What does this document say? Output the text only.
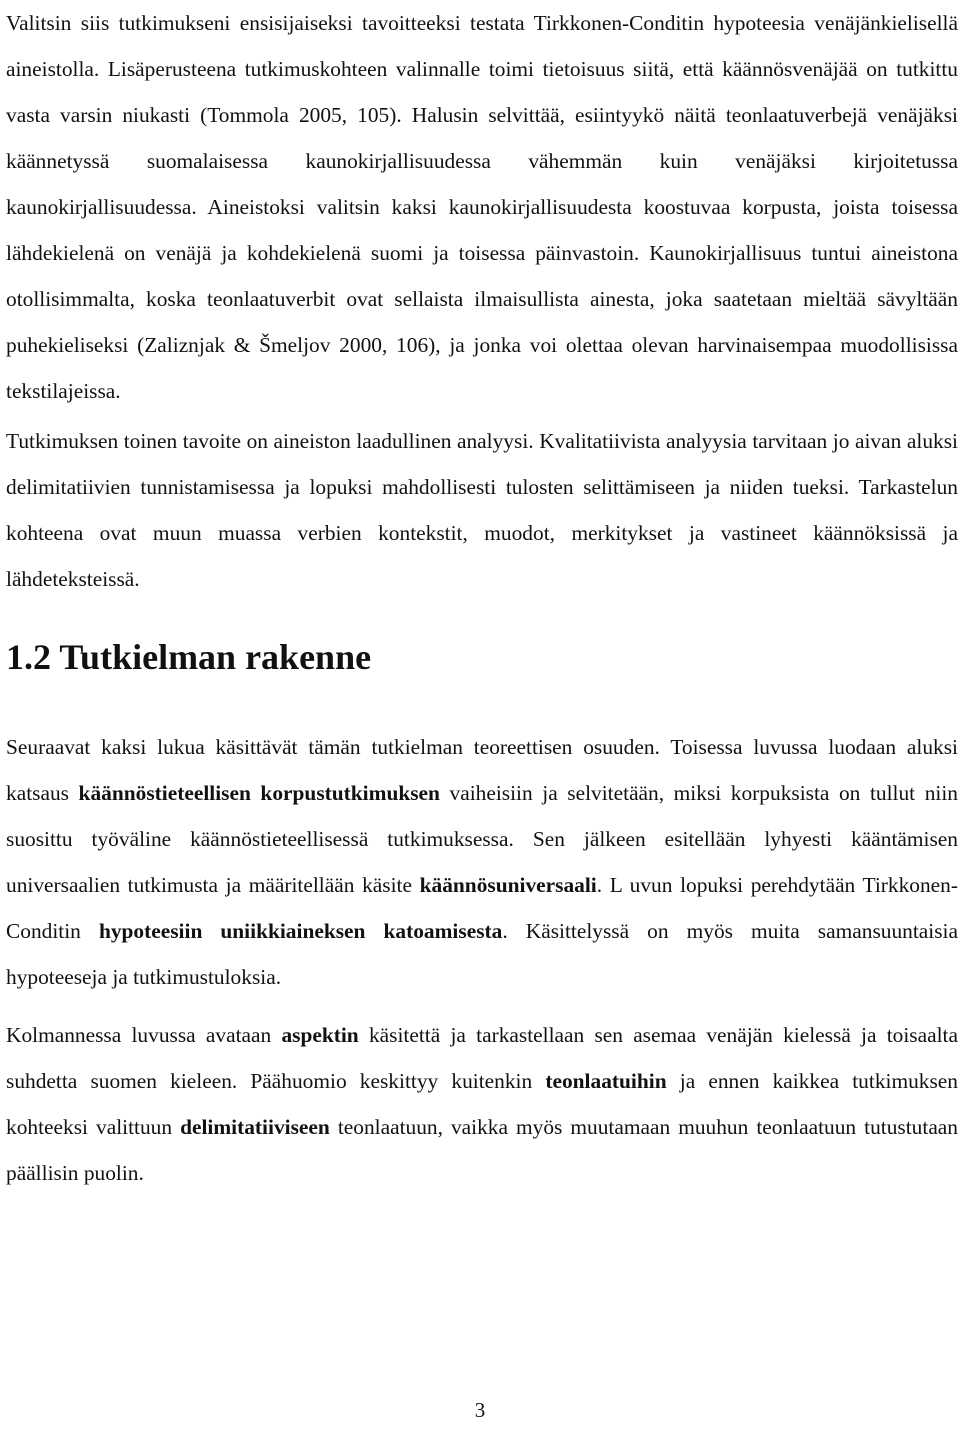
Valitsin siis tutkimukseni ensisijaiseksi tavoitteeksi testata Tirkkonen-Conditin hypoteesia venäjänkielisellä aineistolla. Lisäperusteena tutkimuskohteen valinnalle toimi tietoisuus siitä, että käännösvenäjää on tutkittu vasta varsin niukasti (Tommola 2005, 105). Halusin selvittää, esiintyykö näitä teonlaatuverbejä venäjäksi käännetyssä suomalaisessa kaunokirjallisuudessa vähemmän kuin venäjäksi kirjoitetussa kaunokirjallisuudessa. Aineistoksi valitsin kaksi kaunokirjallisuudesta koostuvaa korpusta, joista toisessa lähdekielenä on venäjä ja kohdekielenä suomi ja toisessa päinvastoin. Kaunokirjallisuus tuntui aineistona otollisimmalta, koska teonlaatuverbit ovat sellaista ilmaisullista ainesta, joka saatetaan mieltää sävyltään puhekieliseksi (Zaliznjak & Šmeljov 2000, 106), ja jonka voi olettaa olevan harvinaisempaa muodollisissa tekstilajeissa.

Tutkimuksen toinen tavoite on aineiston laadullinen analyysi. Kvalitatiivista analyysia tarvitaan jo aivan aluksi delimitatiivien tunnistamisessa ja lopuksi mahdollisesti tulosten selittämiseen ja niiden tueksi. Tarkastelun kohteena ovat muun muassa verbien kontekstit, muodot, merkitykset ja vastineet käännöksissä ja lähdeteksteissä.

1.2 Tutkielman rakenne

Seuraavat kaksi lukua käsittävät tämän tutkielman teoreettisen osuuden. Toisessa luvussa luodaan aluksi katsaus käännöstieteellisen korpustutkimuksen vaiheisiin ja selvitetään, miksi korpuksista on tullut niin suosittu työväline käännöstieteellisessä tutkimuksessa. Sen jälkeen esitellään lyhyesti kääntämisen universaalien tutkimusta ja määritellään käsite käännösuniversaali. L uvun lopuksi perehdytään Tirkkonen-Conditin hypoteesiin uniikkiaineksen katoamisesta. Käsittelyssä on myös muita samansuuntaisia hypoteeseja ja tutkimustuloksia.

Kolmannessa luvussa avataan aspektin käsitettä ja tarkastellaan sen asemaa venäjän kielessä ja toisaalta suhdetta suomen kieleen. Päähuomio keskittyy kuitenkin teonlaatuihin ja ennen kaikkea tutkimuksen kohteeksi valittuun delimitatiiviseen teonlaatuun, vaikka myös muutamaan muuhun teonlaatuun tutustutaan päällisin puolin.

3
